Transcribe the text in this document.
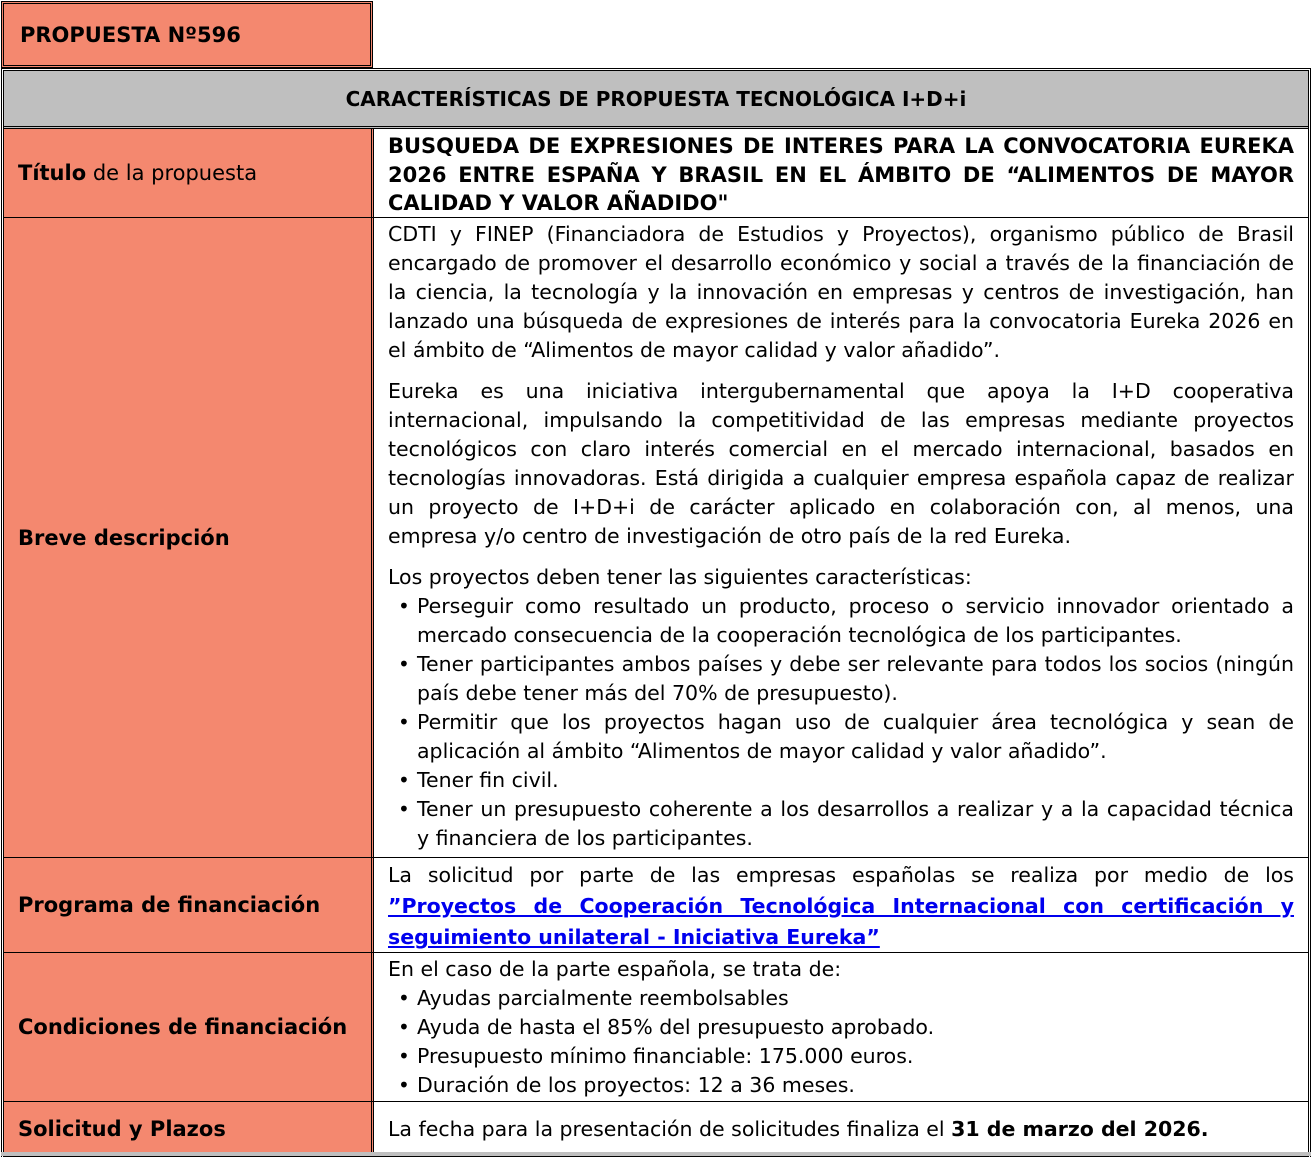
PROPUESTA Nº596
CARACTERÍSTICAS DE PROPUESTA TECNOLÓGICA I+D+i
Título de la propuesta
BUSQUEDA DE EXPRESIONES DE INTERES PARA LA CONVOCATORIA EUREKA 2026 ENTRE ESPAÑA Y BRASIL EN EL ÁMBITO DE “ALIMENTOS DE MAYOR CALIDAD Y VALOR AÑADIDO"
Breve descripción
CDTI y FINEP (Financiadora de Estudios y Proyectos), organismo público de Brasil encargado de promover el desarrollo económico y social a través de la financiación de la ciencia, la tecnología y la innovación en empresas y centros de investigación, han lanzado una búsqueda de expresiones de interés para la convocatoria Eureka 2026 en el ámbito de “Alimentos de mayor calidad y valor añadido”.
Eureka es una iniciativa intergubernamental que apoya la I+D cooperativa internacional, impulsando la competitividad de las empresas mediante proyectos tecnológicos con claro interés comercial en el mercado internacional, basados en tecnologías innovadoras. Está dirigida a cualquier empresa española capaz de realizar un proyecto de I+D+i de carácter aplicado en colaboración con, al menos, una empresa y/o centro de investigación de otro país de la red Eureka.
Los proyectos deben tener las siguientes características:
• Perseguir como resultado un producto, proceso o servicio innovador orientado a mercado consecuencia de la cooperación tecnológica de los participantes.
• Tener participantes ambos países y debe ser relevante para todos los socios (ningún país debe tener más del 70% de presupuesto).
• Permitir que los proyectos hagan uso de cualquier área tecnológica y sean de aplicación al ámbito “Alimentos de mayor calidad y valor añadido”.
• Tener fin civil.
• Tener un presupuesto coherente a los desarrollos a realizar y a la capacidad técnica y financiera de los participantes.
Programa de financiación
La solicitud por parte de las empresas españolas se realiza por medio de los ”Proyectos de Cooperación Tecnológica Internacional con certificación y seguimiento unilateral - Iniciativa Eureka”
Condiciones de financiación
En el caso de la parte española, se trata de:
• Ayudas parcialmente reembolsables
• Ayuda de hasta el 85% del presupuesto aprobado.
• Presupuesto mínimo financiable: 175.000 euros.
• Duración de los proyectos: 12 a 36 meses.
Solicitud y Plazos	La fecha para la presentación de solicitudes finaliza el 31 de marzo del 2026.
